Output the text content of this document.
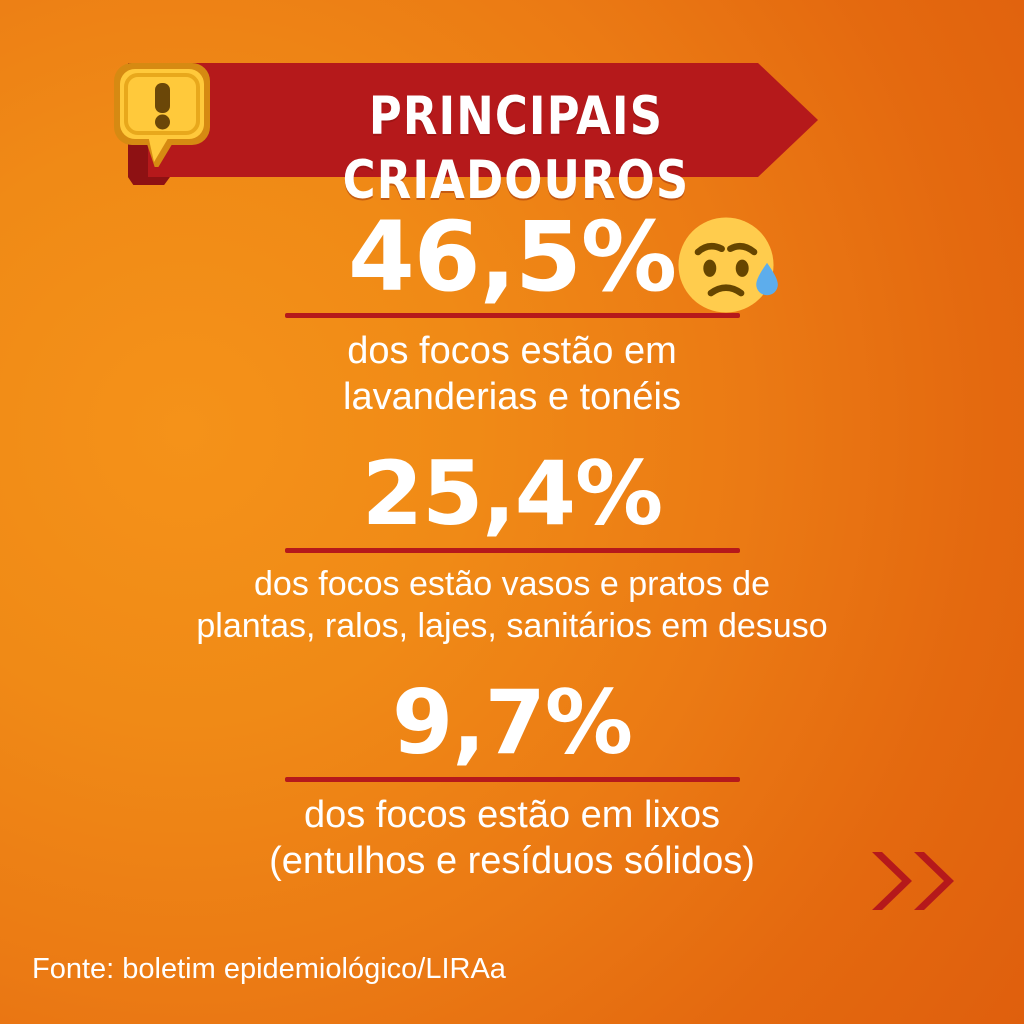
PRINCIPAIS CRIADOUROS
46,5%
dos focos estão em
lavanderias e tonéis
25,4%
dos focos estão vasos e pratos de
plantas, ralos, lajes, sanitários em desuso
9,7%
dos focos estão em lixos
(entulhos e resíduos sólidos)
Fonte: boletim epidemiológico/LIRAa
